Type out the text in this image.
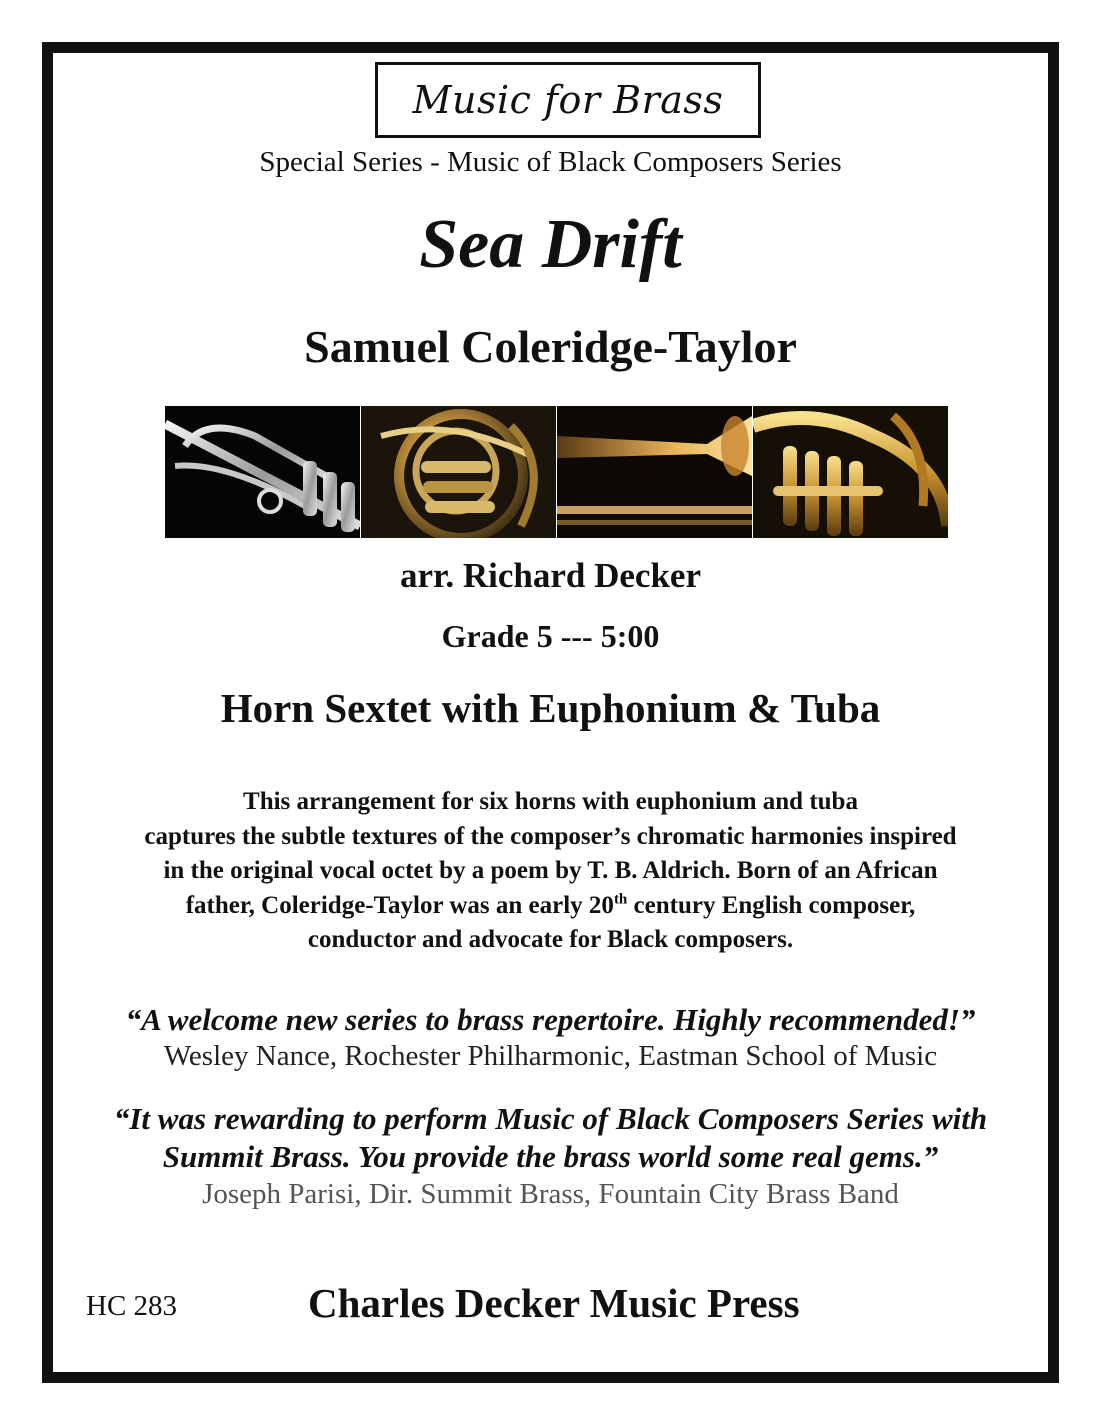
Music for Brass
Special Series - Music of Black Composers Series
Sea Drift
Samuel Coleridge-Taylor
arr. Richard Decker
Grade 5 --- 5:00
Horn Sextet with Euphonium & Tuba
This arrangement for six horns with euphonium and tuba
captures the subtle textures of the composer’s chromatic harmonies inspired
in the original vocal octet by a poem by T. B. Aldrich. Born of an African
father, Coleridge-Taylor was an early 20th century English composer,
conductor and advocate for Black composers.
“A welcome new series to brass repertoire. Highly recommended!”
Wesley Nance, Rochester Philharmonic, Eastman School of Music
“It was rewarding to perform Music of Black Composers Series with
Summit Brass. You provide the brass world some real gems.”
Joseph Parisi, Dir. Summit Brass, Fountain City Brass Band
HC 283	Charles Decker Music Press
